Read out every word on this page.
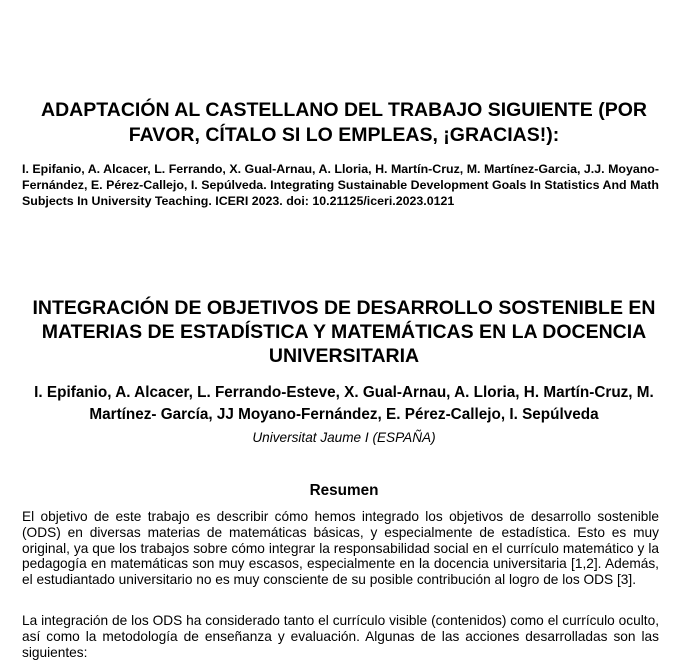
ADAPTACIÓN AL CASTELLANO DEL TRABAJO SIGUIENTE (POR FAVOR, CÍTALO SI LO EMPLEAS, ¡GRACIAS!):

I. Epifanio, A. Alcacer, L. Ferrando, X. Gual-Arnau, A. Lloria, H. Martín-Cruz, M. Martínez-Garcia, J.J. Moyano-Fernández, E. Pérez-Callejo, I. Sepúlveda. Integrating Sustainable Development Goals In Statistics And Math Subjects In University Teaching. ICERI 2023. doi: 10.21125/iceri.2023.0121

INTEGRACIÓN DE OBJETIVOS DE DESARROLLO SOSTENIBLE EN MATERIAS DE ESTADÍSTICA Y MATEMÁTICAS EN LA DOCENCIA UNIVERSITARIA

I. Epifanio, A. Alcacer, L. Ferrando-Esteve, X. Gual-Arnau, A. Lloria, H. Martín-Cruz, M. Martínez- García, JJ Moyano-Fernández, E. Pérez-Callejo, I. Sepúlveda

Universitat Jaume I (ESPAÑA)

Resumen

El objetivo de este trabajo es describir cómo hemos integrado los objetivos de desarrollo sostenible (ODS) en diversas materias de matemáticas básicas, y especialmente de estadística. Esto es muy original, ya que los trabajos sobre cómo integrar la responsabilidad social en el currículo matemático y la pedagogía en matemáticas son muy escasos, especialmente en la docencia universitaria [1,2]. Además, el estudiantado universitario no es muy consciente de su posible contribución al logro de los ODS [3].

La integración de los ODS ha considerado tanto el currículo visible (contenidos) como el currículo oculto, así como la metodología de enseñanza y evaluación. Algunas de las acciones desarrolladas son las siguientes:
